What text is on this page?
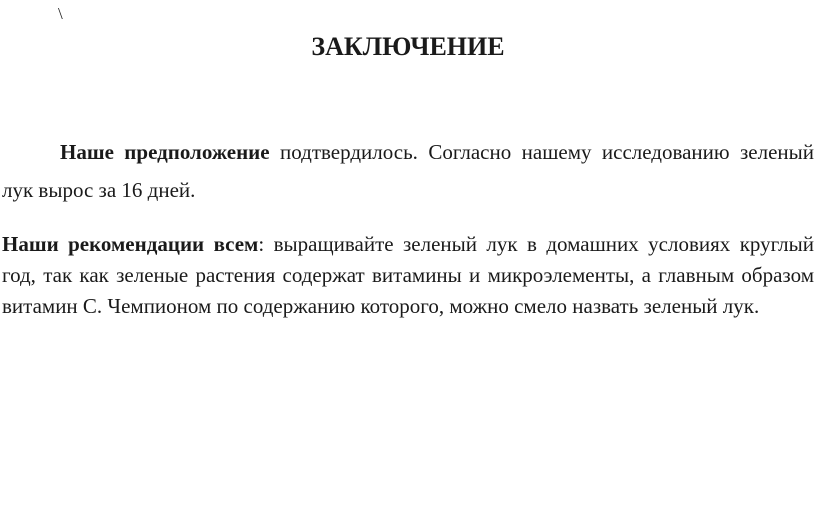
\
ЗАКЛЮЧЕНИЕ

Наше предположение подтвердилось. Согласно нашему исследованию зеленый лук вырос за 16 дней.

Наши рекомендации всем: выращивайте зеленый лук в домашних условиях круглый год, так как зеленые растения содержат витамины и микроэлементы, а главным образом витамин С. Чемпионом по содержанию которого, можно смело назвать зеленый лук.
